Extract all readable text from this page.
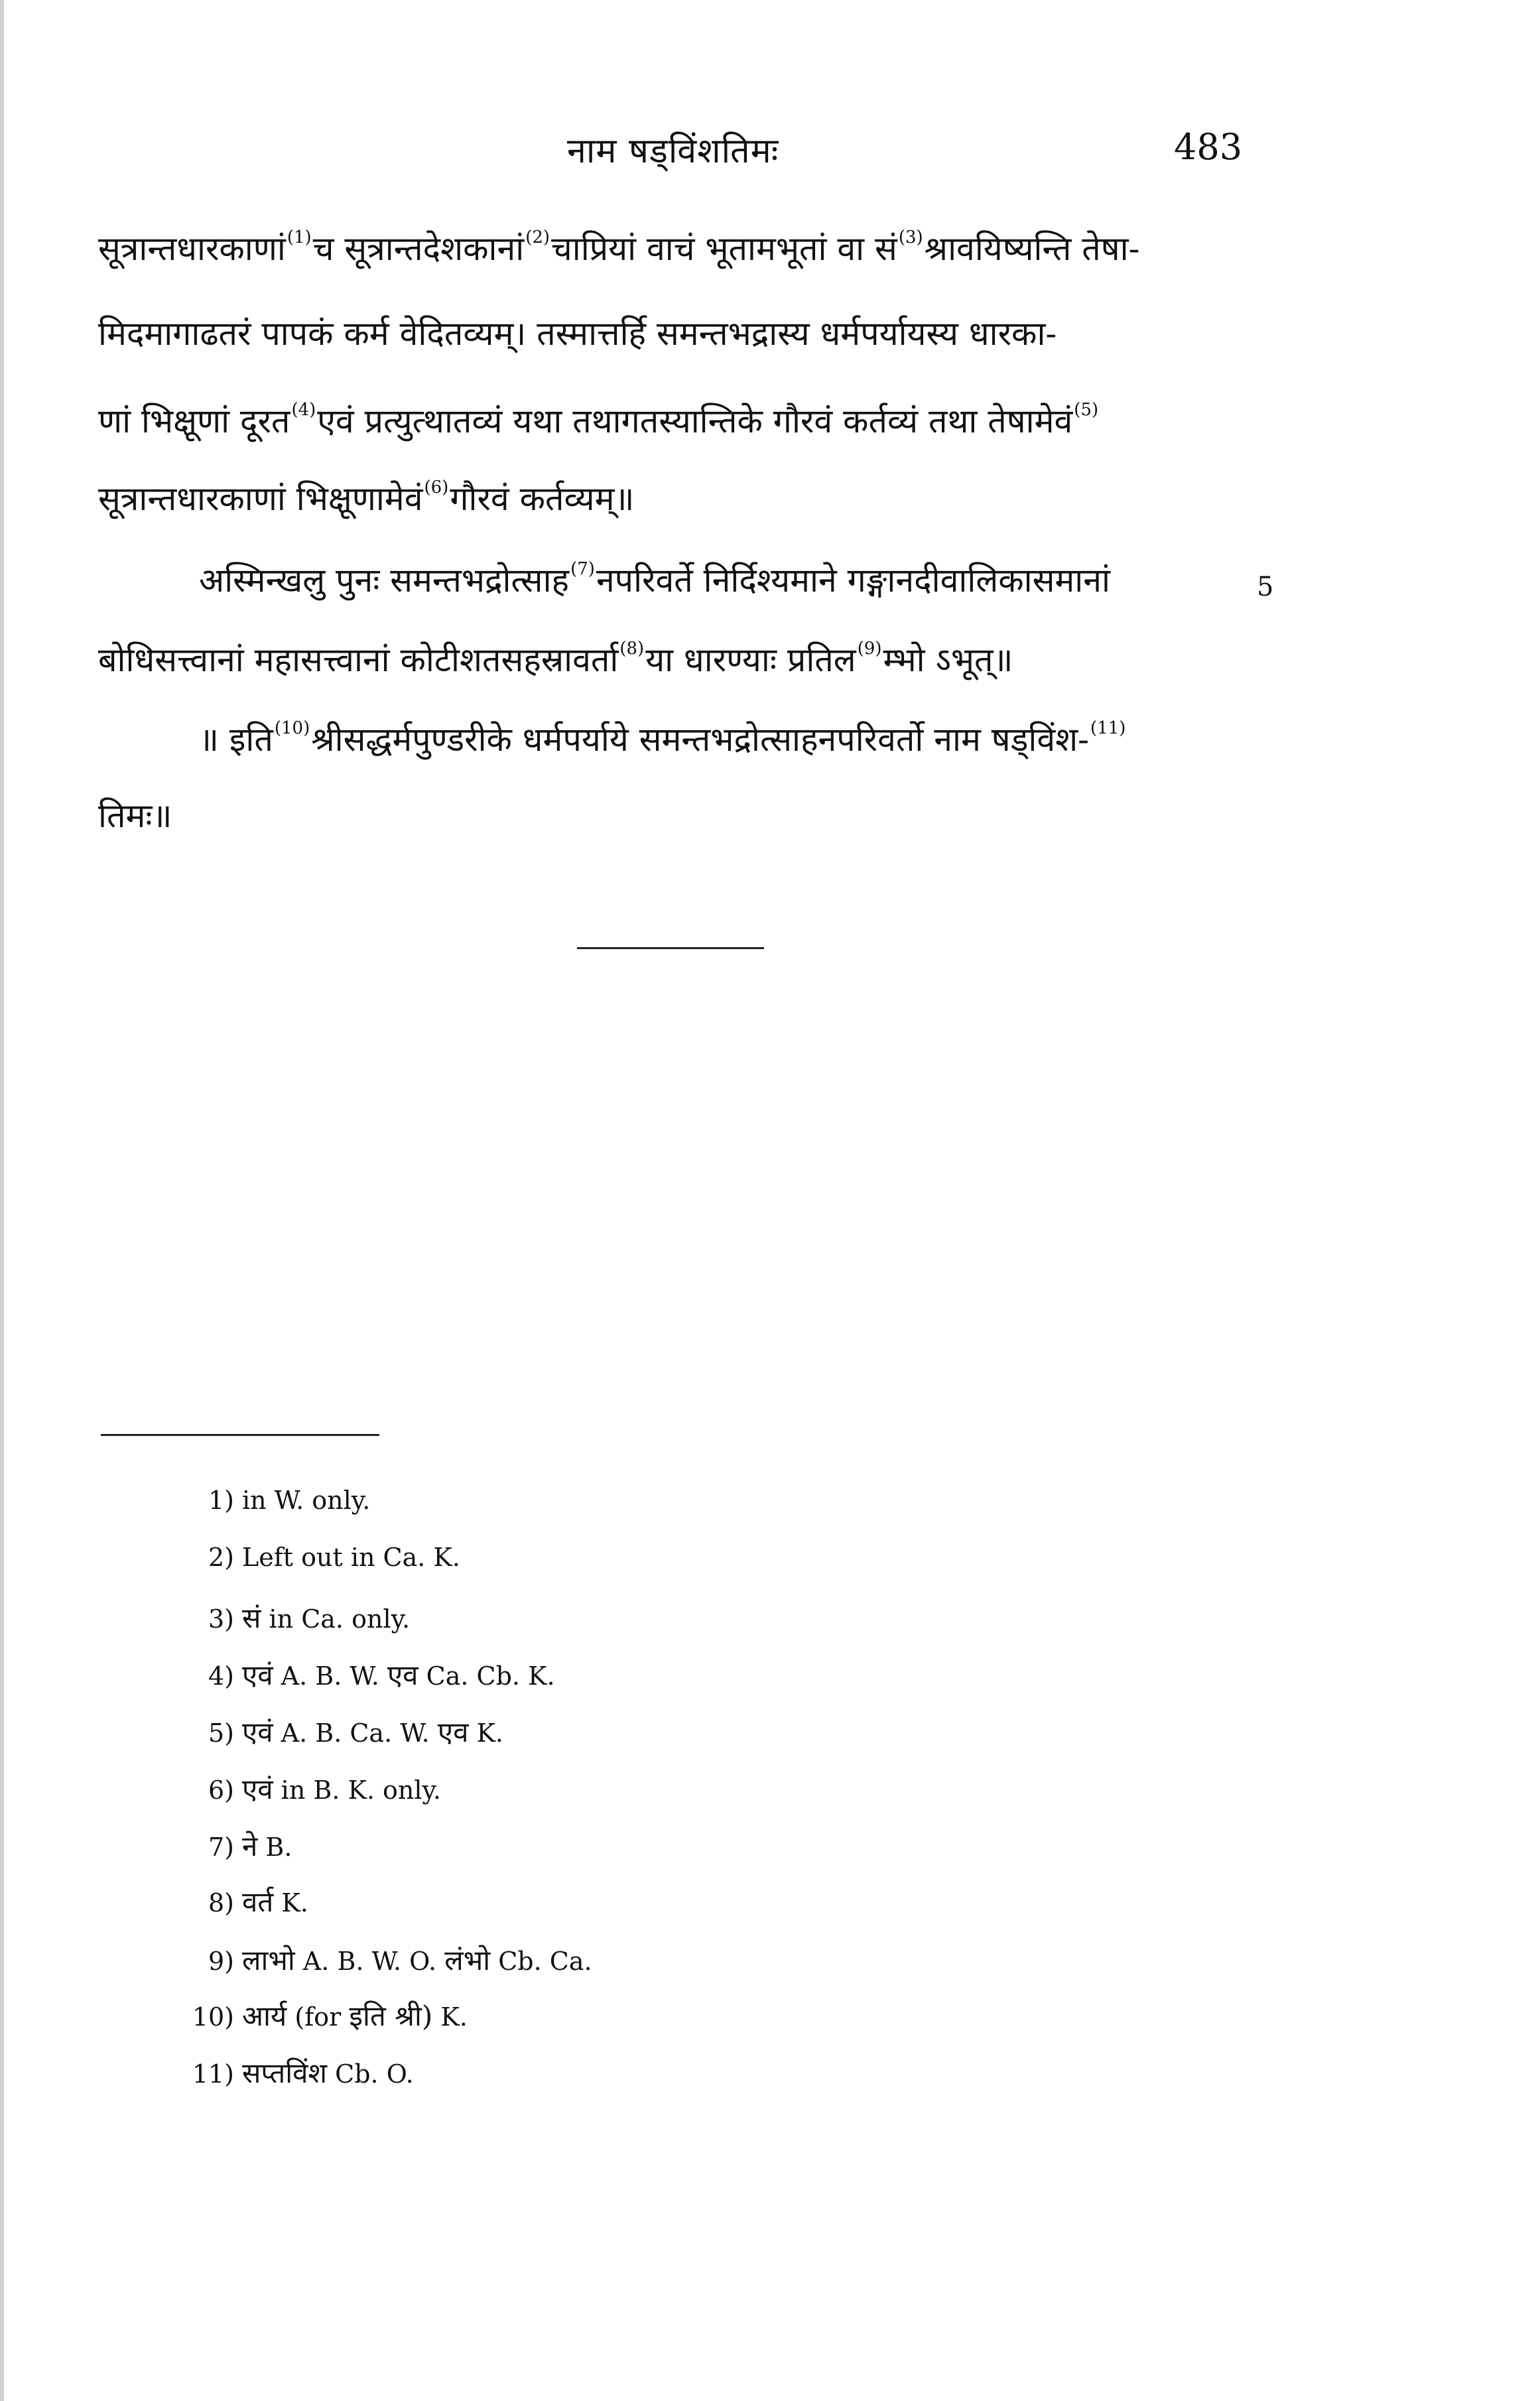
नाम षड्विंशतिमः	483
सूत्रान्तधारकाणां$^{(1)}$च सूत्रान्तदेशकानां$^{(2)}$चाप्रियां वाचं भूतामभूतां वा सं$^{(3)}$श्रावयिष्यन्ति तेषा-
मिदमागाढतरं पापकं कर्म वेदितव्यम्। तस्मात्तर्हि समन्तभद्रास्य धर्मपर्यायस्य धारका-
णां भिक्षूणां दूरत$^{(4)}$एवं प्रत्युत्थातव्यं यथा तथागतस्यान्तिके गौरवं कर्तव्यं तथा तेषामेवं$^{(5)}$
सूत्रान्तधारकाणां भिक्षूणामेवं$^{(6)}$गौरवं कर्तव्यम्॥
अस्मिन्खलु पुनः समन्तभद्रोत्साह$^{(7)}$नपरिवर्ते निर्दिश्यमाने गङ्गानदीवालिकासमानां	5
बोधिसत्त्वानां महासत्त्वानां कोटीशतसहस्रावर्ता$^{(8)}$या धारण्याः प्रतिल$^{(9)}$म्भो ऽभूत्॥
॥ इति$^{(10)}$श्रीसद्धर्मपुण्डरीके धर्मपर्याये समन्तभद्रोत्साहनपरिवर्तो नाम षड्विंश-$^{(11)}$
तिमः॥
1) in W. only.
2) Left out in Ca. K.
3) सं in Ca. only.
4) एवं A. B. W. एव Ca. Cb. K.
5) एवं A. B. Ca. W. एव K.
6) एवं in B. K. only.
7) ने B.
8) वर्त K.
9) लाभो A. B. W. O. लंभो Cb. Ca.
10) आर्य (for इति श्री) K.
11) सप्तविंश Cb. O.
